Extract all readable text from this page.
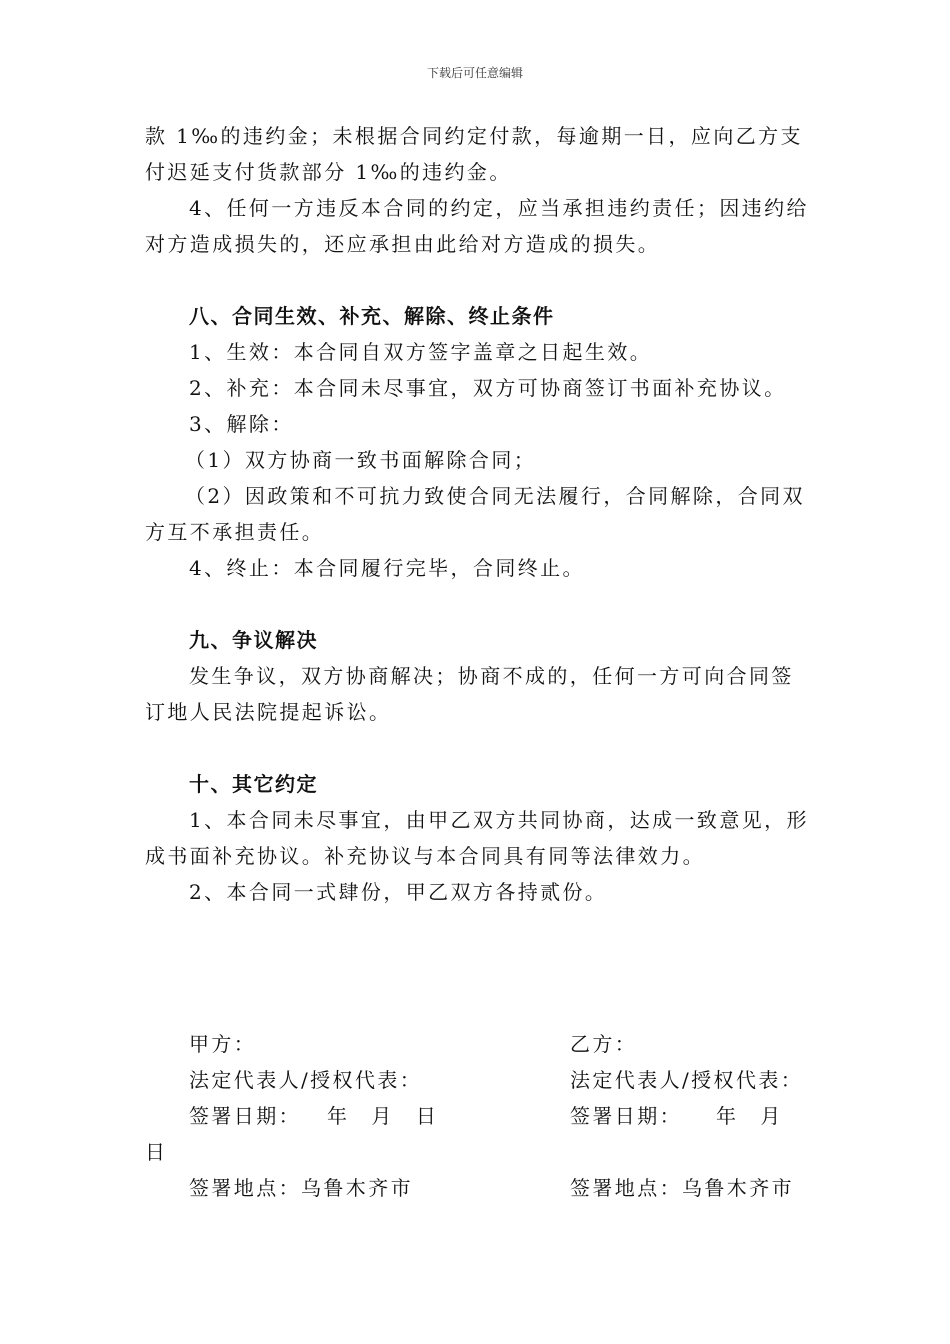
下载后可任意编辑
款 1‰的违约金；未根据合同约定付款，每逾期一日，应向乙方支
付迟延支付货款部分 1‰的违约金。
4、任何一方违反本合同的约定，应当承担违约责任；因违约给
对方造成损失的，还应承担由此给对方造成的损失。
八、合同生效、补充、解除、终止条件
1、生效：本合同自双方签字盖章之日起生效。
2、补充：本合同未尽事宜，双方可协商签订书面补充协议。
3、解除：
（1）双方协商一致书面解除合同；
（2）因政策和不可抗力致使合同无法履行，合同解除，合同双
方互不承担责任。
4、终止：本合同履行完毕，合同终止。
九、争议解决
发生争议，双方协商解决；协商不成的，任何一方可向合同签
订地人民法院提起诉讼。
十、其它约定
1、本合同未尽事宜，由甲乙双方共同协商，达成一致意见，形
成书面补充协议。补充协议与本合同具有同等法律效力。
2、本合同一式肆份，甲乙双方各持贰份。
甲方：	乙方：
法定代表人/授权代表：	法定代表人/授权代表：
签署日期： 年 月 日	签署日期： 年 月
日
签署地点：乌鲁木齐市	签署地点：乌鲁木齐市
